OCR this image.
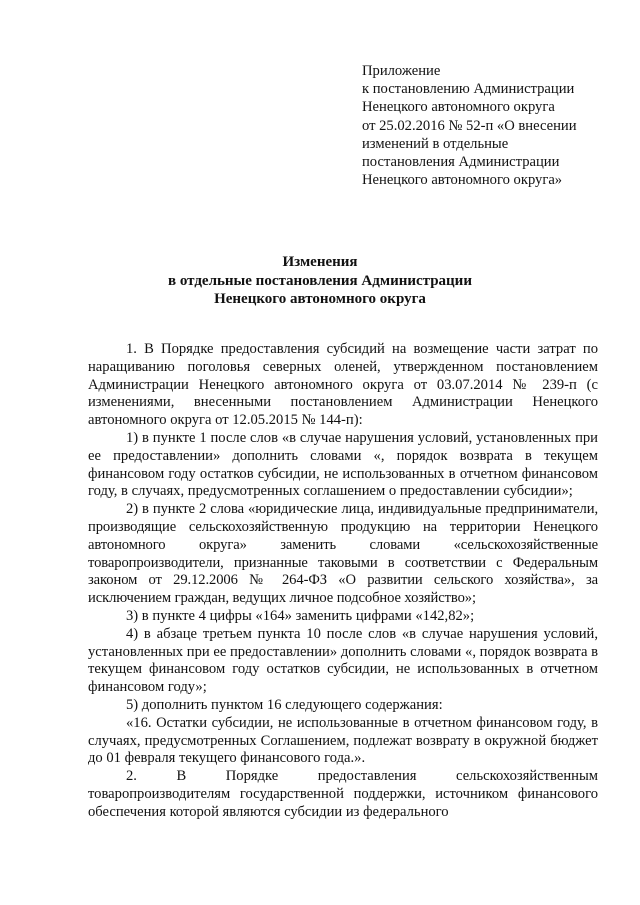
Приложение
к постановлению Администрации
Ненецкого автономного округа
от 25.02.2016 № 52-п «О внесении
изменений в отдельные
постановления Администрации
Ненецкого автономного округа»
Изменения
в отдельные постановления Администрации
Ненецкого автономного округа

1. В Порядке предоставления субсидий на возмещение части затрат по наращиванию поголовья северных оленей, утвержденном постановлением Администрации Ненецкого автономного округа от 03.07.2014 № 239-п (с изменениями, внесенными постановлением Администрации Ненецкого автономного округа от 12.05.2015 № 144-п):

1) в пункте 1 после слов «в случае нарушения условий, установленных при ее предоставлении» дополнить словами «, порядок возврата в текущем финансовом году остатков субсидии, не использованных в отчетном финансовом году, в случаях, предусмотренных соглашением о предоставлении субсидии»;

2) в пункте 2 слова «юридические лица, индивидуальные предприниматели, производящие сельскохозяйственную продукцию на территории Ненецкого автономного округа» заменить словами «сельскохозяйственные товаропроизводители, признанные таковыми в соответствии с Федеральным законом от 29.12.2006 № 264-ФЗ «О развитии сельского хозяйства», за исключением граждан, ведущих личное подсобное хозяйство»;

3) в пункте 4 цифры «164» заменить цифрами «142,82»;

4) в абзаце третьем пункта 10 после слов «в случае нарушения условий, установленных при ее предоставлении» дополнить словами «, порядок возврата в текущем финансовом году остатков субсидии, не использованных в отчетном финансовом году»;

5) дополнить пунктом 16 следующего содержания:

«16. Остатки субсидии, не использованные в отчетном финансовом году, в случаях, предусмотренных Соглашением, подлежат возврату в окружной бюджет до 01 февраля текущего финансового года.».

2. В Порядке предоставления сельскохозяйственным товаропроизводителям государственной поддержки, источником финансового обеспечения которой являются субсидии из федерального
